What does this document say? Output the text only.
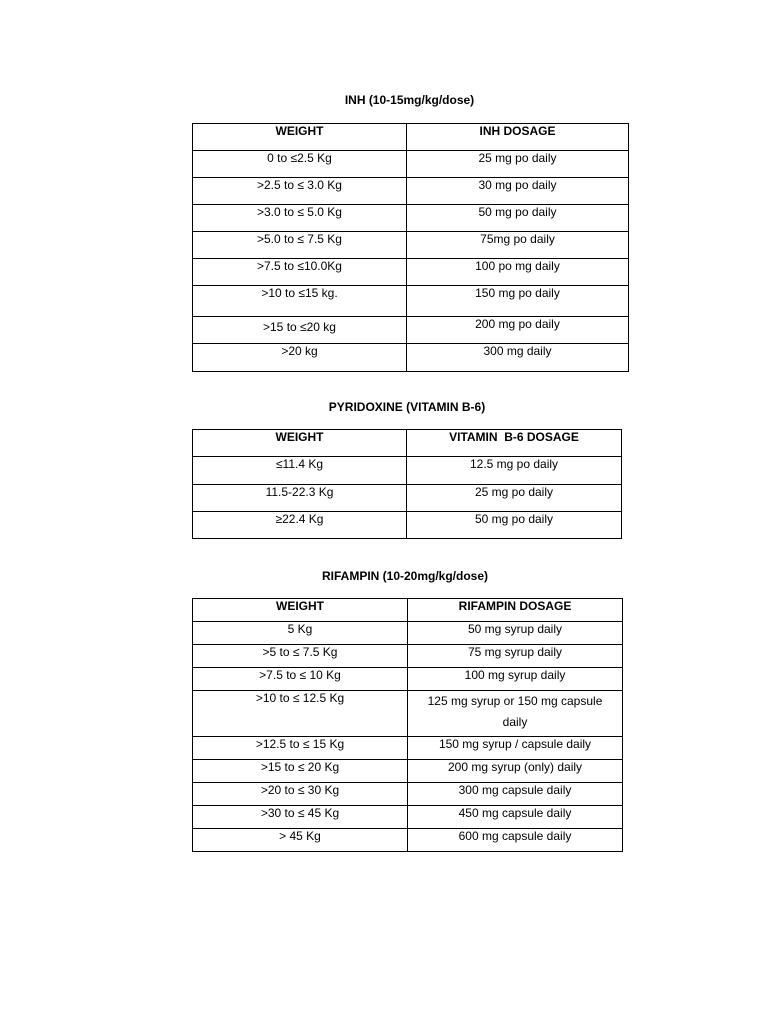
INH (10-15mg/kg/dose)
WEIGHT	INH DOSAGE
0 to ≤2.5 Kg	25 mg po daily
>2.5 to ≤ 3.0 Kg	30 mg po daily
>3.0 to ≤ 5.0 Kg	50 mg po daily
>5.0 to ≤ 7.5 Kg	75mg po daily
>7.5 to ≤10.0Kg	100 po mg daily
>10 to ≤15 kg.	150 mg po daily
>15 to ≤20 kg	200 mg po daily
>20 kg	300 mg daily
PYRIDOXINE (VITAMIN B-6)
WEIGHT	VITAMIN  B-6 DOSAGE
≤11.4 Kg	12.5 mg po daily
11.5-22.3 Kg	25 mg po daily
≥22.4 Kg	50 mg po daily
RIFAMPIN (10-20mg/kg/dose)
WEIGHT	RIFAMPIN DOSAGE
5 Kg	50 mg syrup daily
>5 to ≤ 7.5 Kg	75 mg syrup daily
>7.5 to ≤ 10 Kg	100 mg syrup daily
>10 to ≤ 12.5 Kg	125 mg syrup or 150 mg capsule daily
>12.5 to ≤ 15 Kg	150 mg syrup / capsule daily
>15 to ≤ 20 Kg	200 mg syrup (only) daily
>20 to ≤ 30 Kg	300 mg capsule daily
>30 to ≤ 45 Kg	450 mg capsule daily
> 45 Kg	600 mg capsule daily
